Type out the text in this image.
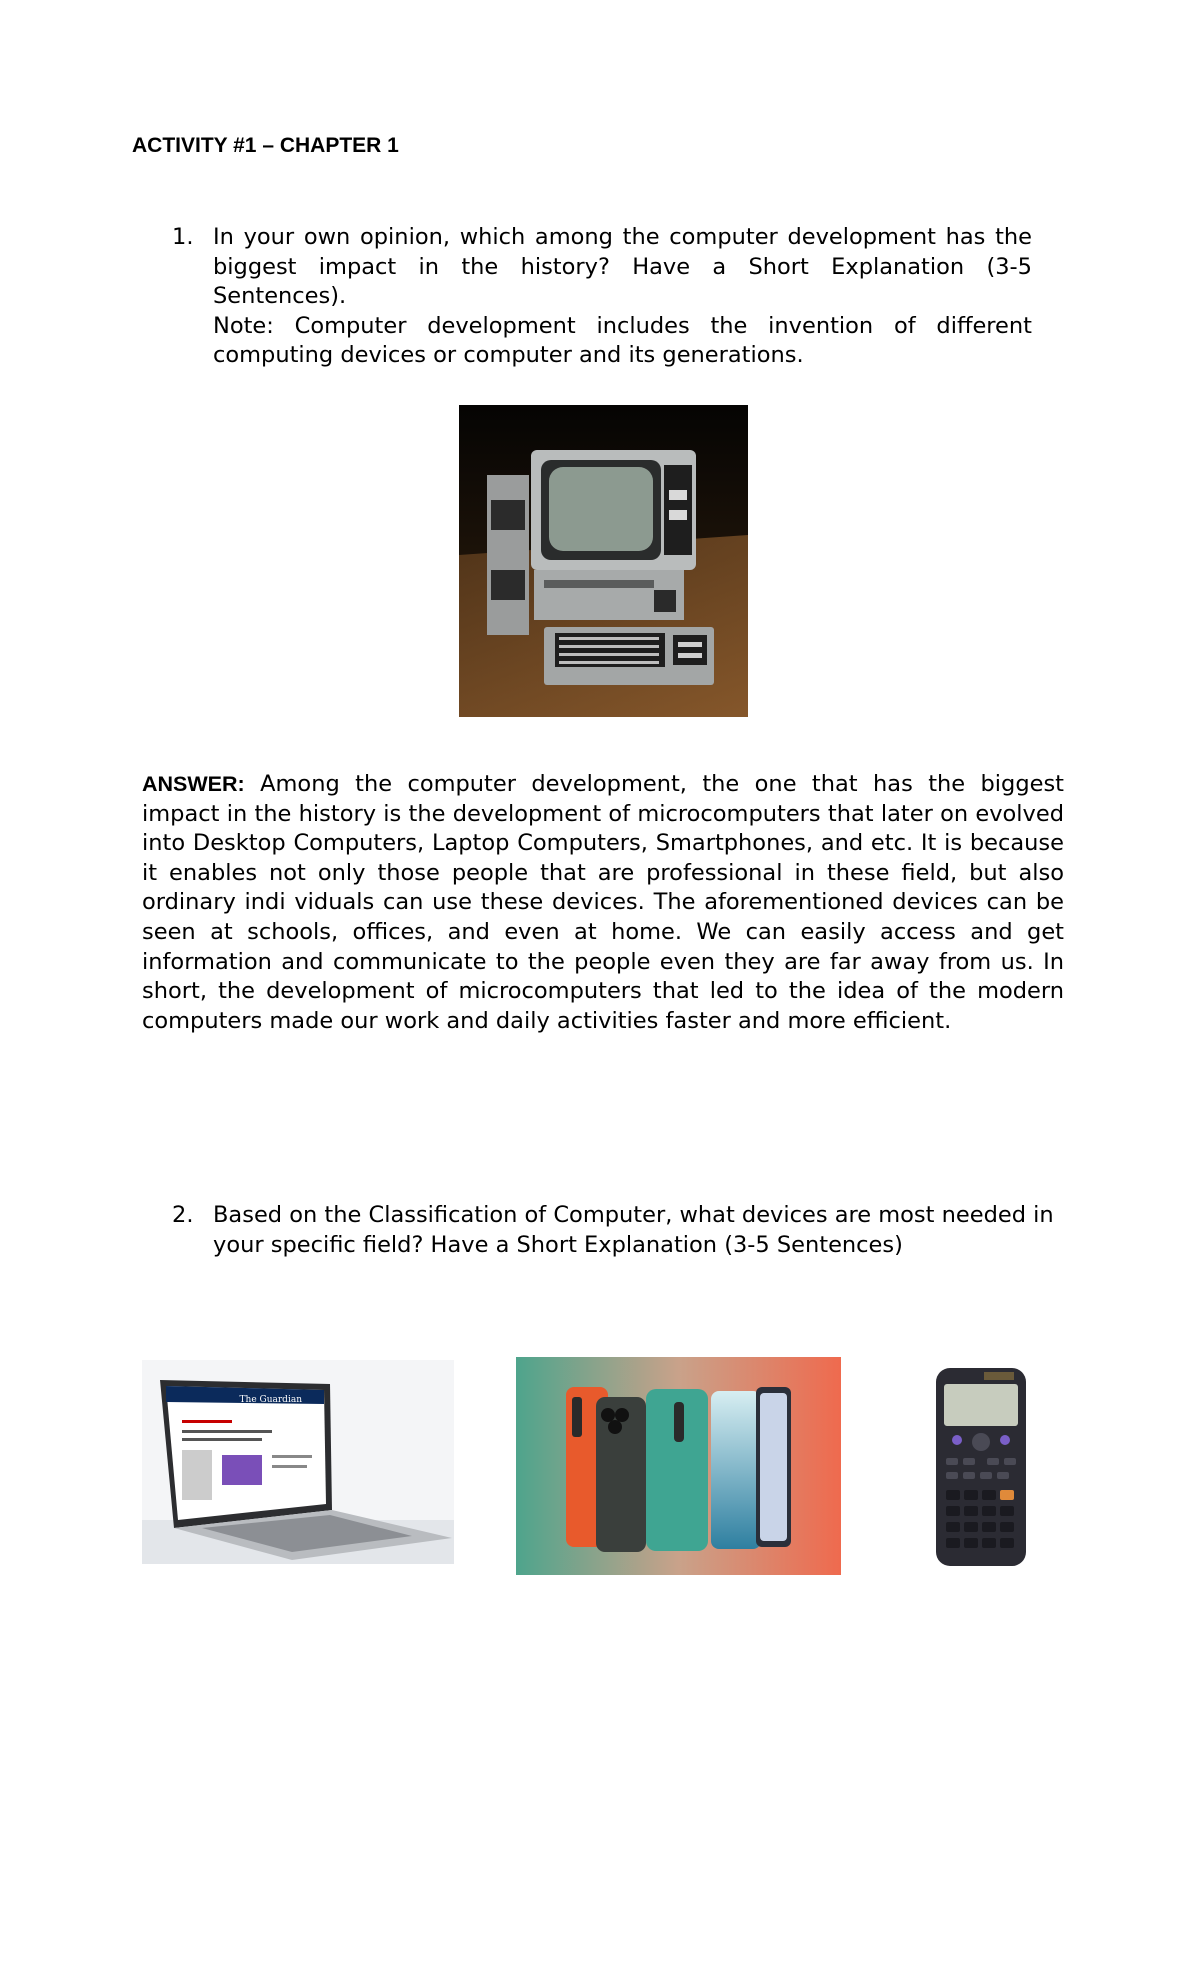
ACTIVITY #1 – CHAPTER 1
1. In your own opinion, which among the computer development has the biggest impact in the history? Have a Short Explanation (3-5 Sentences).

Note: Computer development includes the invention of different computing devices or computer and its generations.

ANSWER: Among the computer development, the one that has the biggest impact in the history is the development of microcomputers that later on evolved into Desktop Computers, Laptop Computers, Smartphones, and etc. It is because it enables not only those people that are professional in these field, but also ordinary indi viduals can use these devices. The aforementioned devices can be seen at schools, offices, and even at home. We can easily access and get information and communicate to the people even they are far away from us. In short, the development of microcomputers that led to the idea of the modern computers made our work and daily activities faster and more efficient.

2. Based on the Classification of Computer, what devices are most needed in your specific field? Have a Short Explanation (3-5 Sentences)

The Guardian
